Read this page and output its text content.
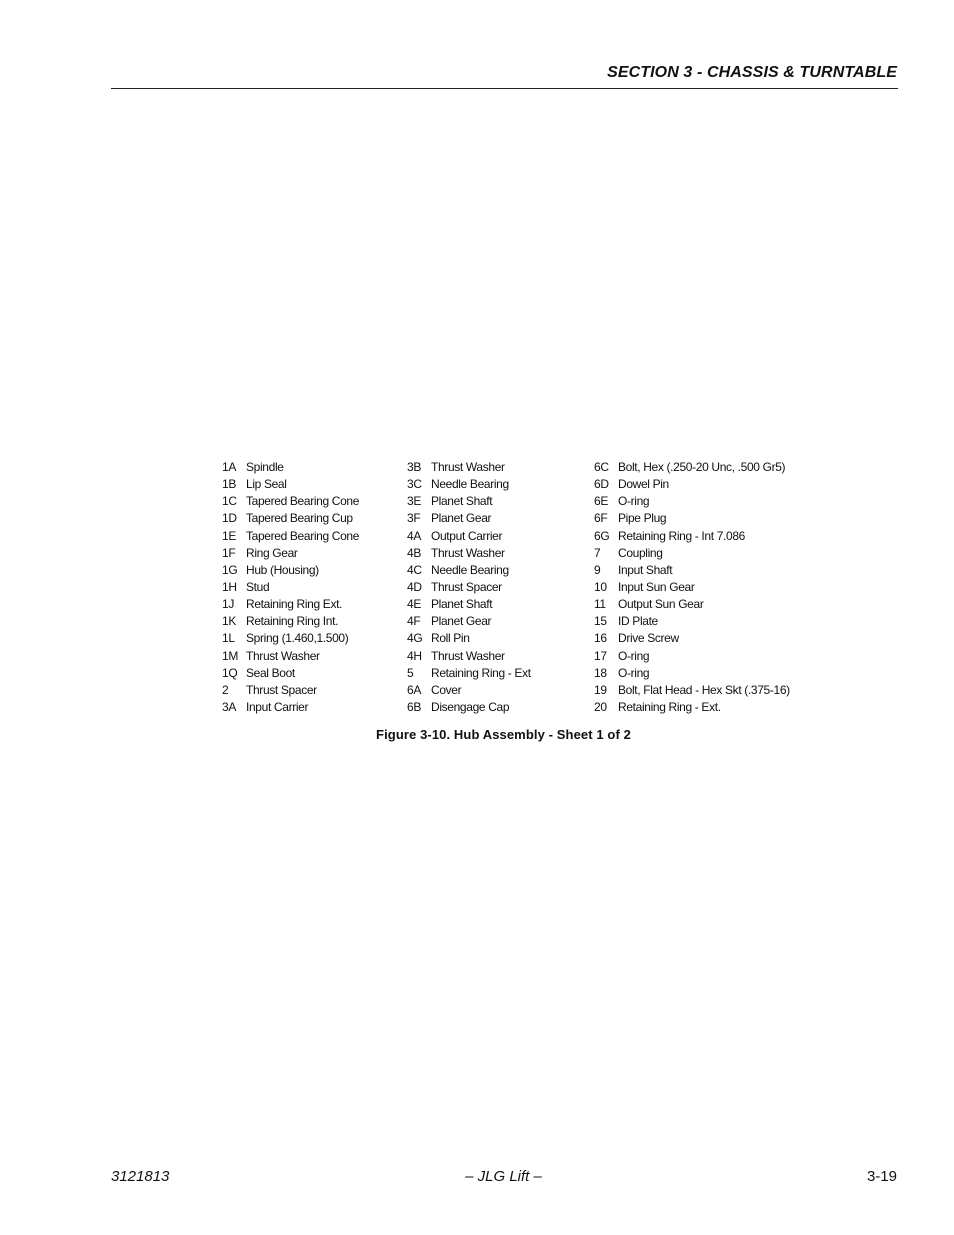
SECTION 3 - CHASSIS & TURNTABLE
1A Spindle
1B Lip Seal
1C Tapered Bearing Cone
1D Tapered Bearing Cup
1E Tapered Bearing Cone
1F Ring Gear
1G Hub (Housing)
1H Stud
1J Retaining Ring Ext.
1K Retaining Ring Int.
1L Spring (1.460,1.500)
1M Thrust Washer
1Q Seal Boot
2 Thrust Spacer
3A Input Carrier
3B Thrust Washer
3C Needle Bearing
3E Planet Shaft
3F Planet Gear
4A Output Carrier
4B Thrust Washer
4C Needle Bearing
4D Thrust Spacer
4E Planet Shaft
4F Planet Gear
4G Roll Pin
4H Thrust Washer
5 Retaining Ring - Ext
6A Cover
6B Disengage Cap
6C Bolt, Hex (.250-20 Unc, .500 Gr5)
6D Dowel Pin
6E O-ring
6F Pipe Plug
6G Retaining Ring - Int 7.086
7 Coupling
9 Input Shaft
10 Input Sun Gear
11 Output Sun Gear
15 ID Plate
16 Drive Screw
17 O-ring
18 O-ring
19 Bolt, Flat Head - Hex Skt (.375-16)
20 Retaining Ring - Ext.
Figure 3-10. Hub Assembly - Sheet 1 of 2
3121813	– JLG Lift –	3-19
